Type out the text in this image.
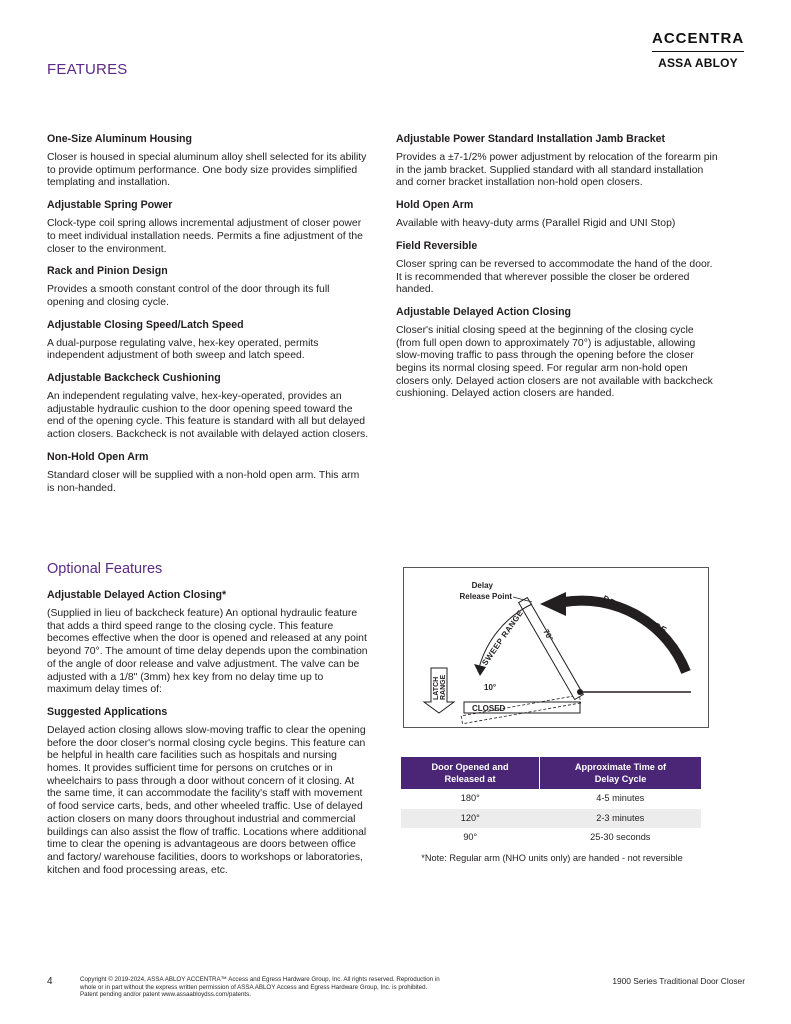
FEATURES
ACCENTRA
ASSA ABLOY
One-Size Aluminum Housing
Closer is housed in special aluminum alloy shell selected for its ability to provide optimum performance. One body size provides simplified templating and installation.
Adjustable Spring Power
Clock-type coil spring allows incremental adjustment of closer power to meet individual installation needs. Permits a fine adjustment of the closer to the environment.
Rack and Pinion Design
Provides a smooth constant control of the door through its full opening and closing cycle.
Adjustable Closing Speed/Latch Speed
A dual-purpose regulating valve, hex-key operated, permits independent adjustment of both sweep and latch speed.
Adjustable Backcheck Cushioning
An independent regulating valve, hex-key-operated, provides an adjustable hydraulic cushion to the door opening speed toward the end of the opening cycle. This feature is standard with all but delayed action closers. Backcheck is not available with delayed action closers.
Non-Hold Open Arm
Standard closer will be supplied with a non-hold open arm. This arm is non-handed.
Adjustable Power Standard Installation Jamb Bracket
Provides a ±7-1/2% power adjustment by relocation of the forearm pin in the jamb bracket. Supplied standard with all standard installation and corner bracket installation non-hold open closers.
Hold Open Arm
Available with heavy-duty arms (Parallel Rigid and UNI Stop)
Field Reversible
Closer spring can be reversed to accommodate the hand of the door. It is recommended that wherever possible the closer be ordered handed.
Adjustable Delayed Action Closing
Closer's initial closing speed at the beginning of the closing cycle (from full open down to approximately 70°) is adjustable, allowing slow-moving traffic to pass through the opening before the closer begins its normal closing speed. For regular arm non-hold open closers only. Delayed action closers are not available with backcheck cushioning. Delayed action closers are handed.
Optional Features
Adjustable Delayed Action Closing*
(Supplied in lieu of backcheck feature) An optional hydraulic feature that adds a third speed range to the closing cycle. This feature becomes effective when the door is opened and released at any point beyond 70°. The amount of time delay depends upon the combination of the angle of door release and valve adjustment. The valve can be adjusted with a 1/8" (3mm) hex key from no delay time up to maximum delay times of:
Suggested Applications
Delayed action closing allows slow-moving traffic to clear the opening before the door closer's normal closing cycle begins. This feature can be helpful in health care facilities such as hospitals and nursing homes. It provides sufficient time for persons on crutches or in wheelchairs to pass through a door without concern of it closing. At the same time, it can accommodate the facility's staff with movement of food service carts, beds, and other wheeled traffic. Use of delayed action closers on many doors throughout industrial and commercial buildings can also assist the flow of traffic. Locations where additional time to clear the opening is advantageous are doors between office and factory/ warehouse facilities, doors to workshops or laboratories, kitchen and food processing areas, etc.
CLOSED
10°
70°	DELAY RANGE
SWEEP RANGE
Delay
Release Point
LATCH RANGE
Door Opened and
Released at	Approximate Time of
Delay Cycle
180°	4-5 minutes
120°	2-3 minutes
90°	25-30 seconds
*Note: Regular arm (NHO units only) are handed - not reversible
4	Copyright © 2019-2024, ASSA ABLOY ACCENTRA™ Access and Egress Hardware Group, Inc. All rights reserved. Reproduction in
whole or in part without the express written permission of ASSA ABLOY Access and Egress Hardware Group, Inc. is prohibited.
Patent pending and/or patent www.assaabloydss.com/patents.
1900 Series Traditional Door Closer
